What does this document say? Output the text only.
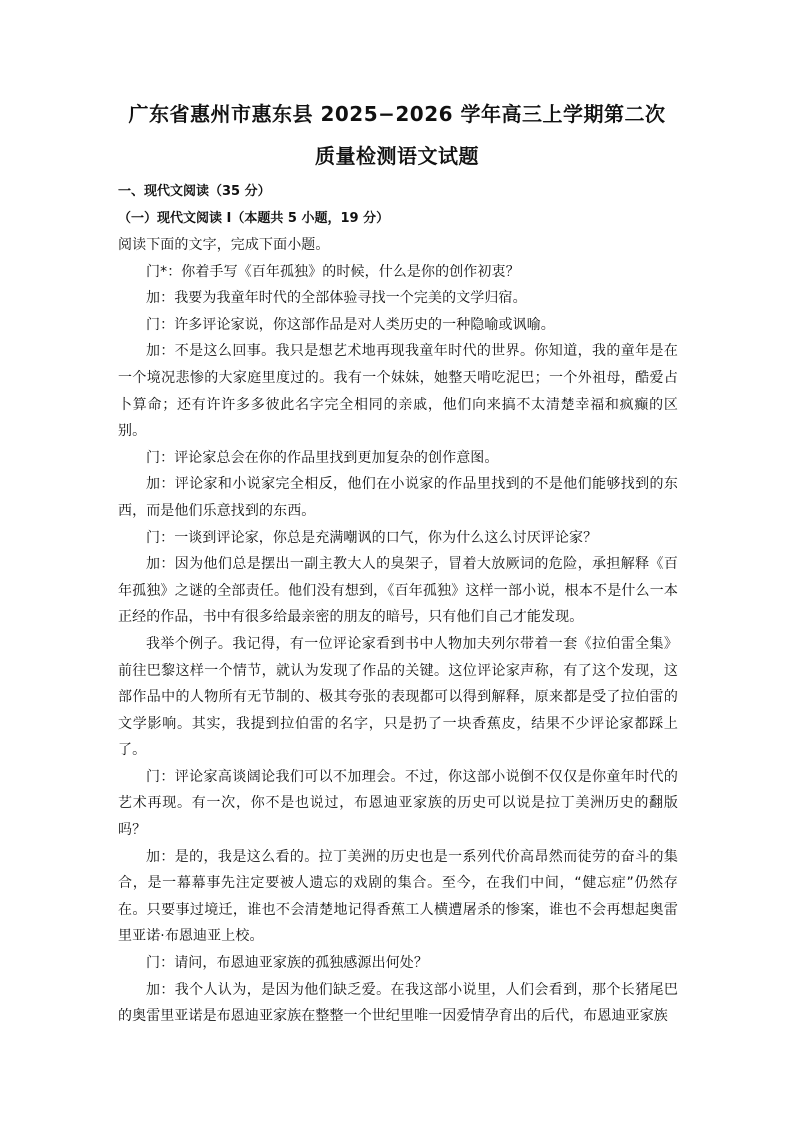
广东省惠州市惠东县 2025−2026 学年高三上学期第二次
质量检测语文试题
一、现代文阅读（35 分）
（一）现代文阅读 I（本题共 5 小题，19 分）

阅读下面的文字，完成下面小题。

门*：你着手写《百年孤独》的时候，什么是你的创作初衷？

加：我要为我童年时代的全部体验寻找一个完美的文学归宿。

门：许多评论家说，你这部作品是对人类历史的一种隐喻或讽喻。

加：不是这么回事。我只是想艺术地再现我童年时代的世界。你知道，我的童年是在一个境况悲惨的大家庭里度过的。我有一个妹妹，她整天啃吃泥巴；一个外祖母，酷爱占卜算命；还有许许多多彼此名字完全相同的亲戚，他们向来搞不太清楚幸福和疯癫的区别。

门：评论家总会在你的作品里找到更加复杂的创作意图。

加：评论家和小说家完全相反，他们在小说家的作品里找到的不是他们能够找到的东西，而是他们乐意找到的东西。

门：一谈到评论家，你总是充满嘲讽的口气，你为什么这么讨厌评论家？

加：因为他们总是摆出一副主教大人的臭架子，冒着大放厥词的危险，承担解释《百年孤独》之谜的全部责任。他们没有想到，《百年孤独》这样一部小说，根本不是什么一本正经的作品，书中有很多给最亲密的朋友的暗号，只有他们自己才能发现。

我举个例子。我记得，有一位评论家看到书中人物加夫列尔带着一套《拉伯雷全集》前往巴黎这样一个情节，就认为发现了作品的关键。这位评论家声称，有了这个发现，这部作品中的人物所有无节制的、极其夸张的表现都可以得到解释，原来都是受了拉伯雷的文学影响。其实，我提到拉伯雷的名字，只是扔了一块香蕉皮，结果不少评论家都踩上了。

门：评论家高谈阔论我们可以不加理会。不过，你这部小说倒不仅仅是你童年时代的艺术再现。有一次，你不是也说过，布恩迪亚家族的历史可以说是拉丁美洲历史的翻版吗？

加：是的，我是这么看的。拉丁美洲的历史也是一系列代价高昂然而徒劳的奋斗的集合，是一幕幕事先注定要被人遗忘的戏剧的集合。至今，在我们中间，“健忘症”仍然存在。只要事过境迁，谁也不会清楚地记得香蕉工人横遭屠杀的惨案，谁也不会再想起奥雷里亚诺·布恩迪亚上校。

门：请问，布恩迪亚家族的孤独感源出何处？

加：我个人认为，是因为他们缺乏爱。在我这部小说里，人们会看到，那个长猪尾巴的奥雷里亚诺是布恩迪亚家族在整整一个世纪里唯一因爱情孕育出的后代，布恩迪亚家族
